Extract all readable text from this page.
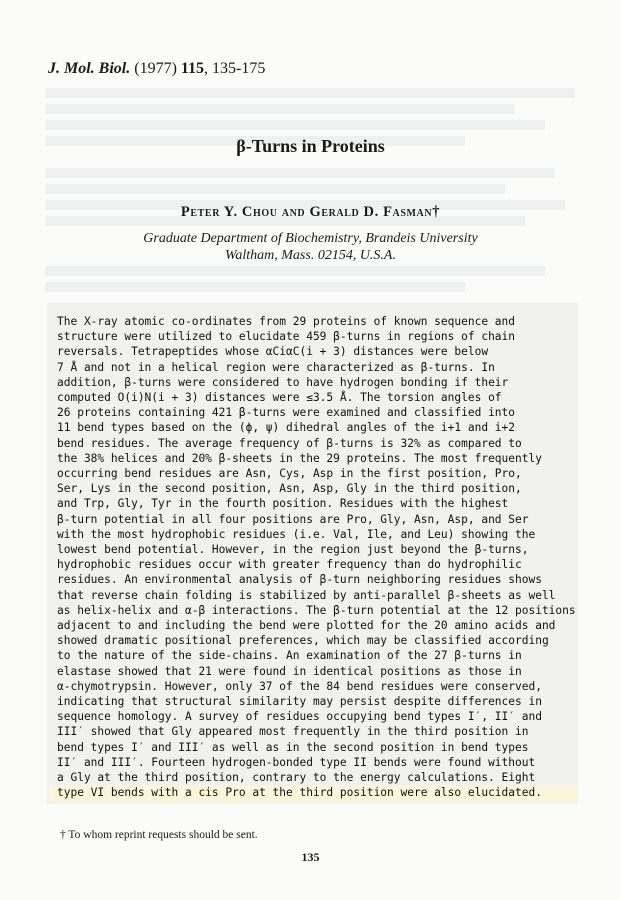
J. Mol. Biol. (1977) 115, 135-175
β-Turns in Proteins
Peter Y. Chou and Gerald D. Fasman†
Graduate Department of Biochemistry, Brandeis University
Waltham, Mass. 02154, U.S.A.
The X-ray atomic co-ordinates from 29 proteins of known sequence and
structure were utilized to elucidate 459 β-turns in regions of chain
reversals. Tetrapeptides whose αCiαC(i + 3) distances were below
7 Å and not in a helical region were characterized as β-turns. In
addition, β-turns were considered to have hydrogen bonding if their
computed O(i)N(i + 3) distances were ≤3.5 Å. The torsion angles of
26 proteins containing 421 β-turns were examined and classified into
11 bend types based on the (ϕ, ψ) dihedral angles of the i+1 and i+2
bend residues. The average frequency of β-turns is 32% as compared to
the 38% helices and 20% β-sheets in the 29 proteins. The most frequently
occurring bend residues are Asn, Cys, Asp in the first position, Pro,
Ser, Lys in the second position, Asn, Asp, Gly in the third position,
and Trp, Gly, Tyr in the fourth position. Residues with the highest
β-turn potential in all four positions are Pro, Gly, Asn, Asp, and Ser
with the most hydrophobic residues (i.e. Val, Ile, and Leu) showing the
lowest bend potential. However, in the region just beyond the β-turns,
hydrophobic residues occur with greater frequency than do hydrophilic
residues. An environmental analysis of β-turn neighboring residues shows
that reverse chain folding is stabilized by anti-parallel β-sheets as well
as helix-helix and α-β interactions. The β-turn potential at the 12 positions
adjacent to and including the bend were plotted for the 20 amino acids and
showed dramatic positional preferences, which may be classified according
to the nature of the side-chains. An examination of the 27 β-turns in
elastase showed that 21 were found in identical positions as those in
α-chymotrypsin. However, only 37 of the 84 bend residues were conserved,
indicating that structural similarity may persist despite differences in
sequence homology. A survey of residues occupying bend types I′, II′ and
III′ showed that Gly appeared most frequently in the third position in
bend types I′ and III′ as well as in the second position in bend types
II′ and III′. Fourteen hydrogen-bonded type II bends were found without
a Gly at the third position, contrary to the energy calculations. Eight
type VI bends with a cis Pro at the third position were also elucidated.
† To whom reprint requests should be sent.
135
